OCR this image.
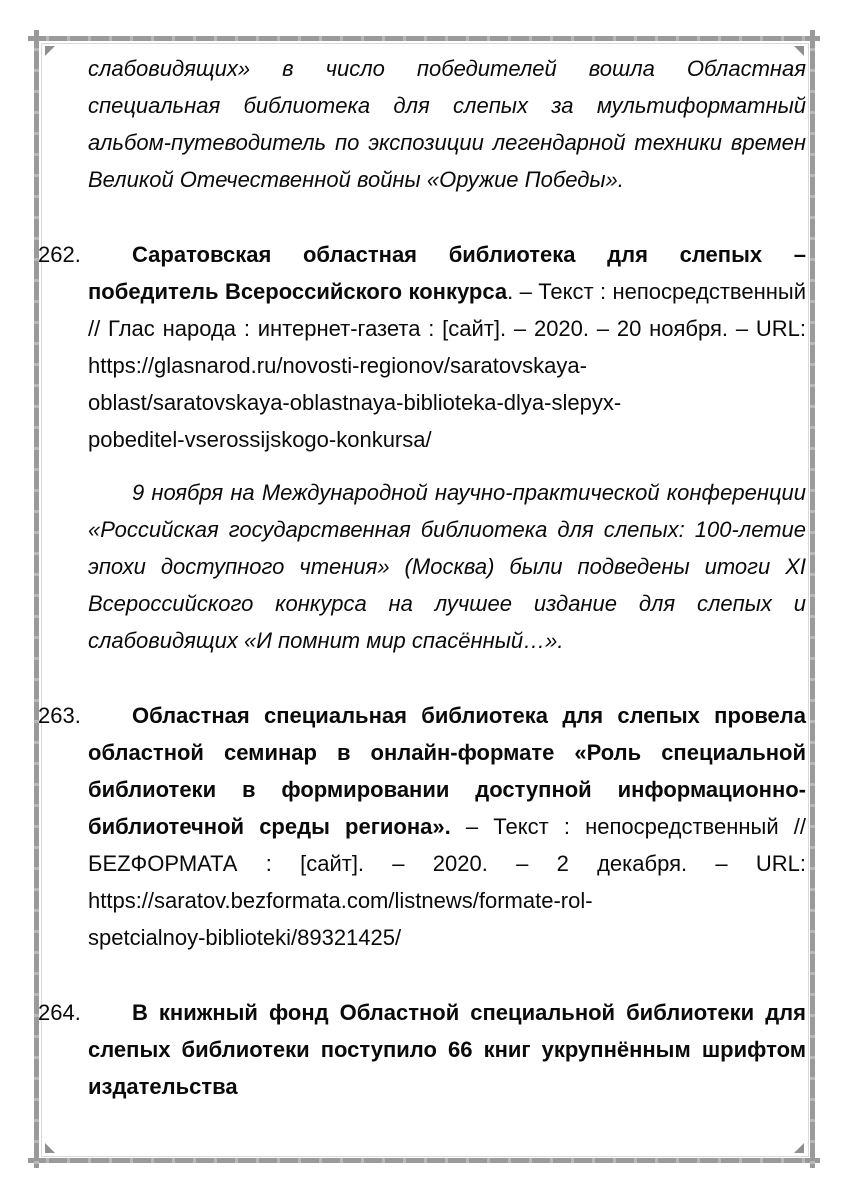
слабовидящих» в число победителей вошла Областная специальная библиотека для слепых за мультиформатный альбом-путеводитель по экспозиции легендарной техники времен Великой Отечественной войны «Оружие Победы».
262.	Саратовская областная библиотека для слепых – победитель Всероссийского конкурса. – Текст : непосредственный // Глас народа : интернет-газета : [сайт]. – 2020. – 20 ноября. – URL:
https://glasnarod.ru/novosti-regionov/saratovskaya-
oblast/saratovskaya-oblastnaya-biblioteka-dlya-slepyx-
pobeditel-vserossijskogo-konkursa/
9 ноября на Международной научно-практической конференции «Российская государственная библиотека для слепых: 100-летие эпохи доступного чтения» (Москва) были подведены итоги XI Всероссийского конкурса на лучшее издание для слепых и слабовидящих «И помнит мир спасённый…».
263.	Областная специальная библиотека для слепых провела областной семинар в онлайн-формате «Роль специальной библиотеки в формировании доступной информационно-библиотечной среды региона». – Текст : непосредственный // БЕZФОРМАТА : [сайт]. – 2020. – 2 декабря. – URL:
https://saratov.bezformata.com/listnews/formate-rol-
spetcialnoy-biblioteki/89321425/
264.	В книжный фонд Областной специальной библиотеки для слепых библиотеки поступило 66 книг укрупнённым шрифтом издательства
